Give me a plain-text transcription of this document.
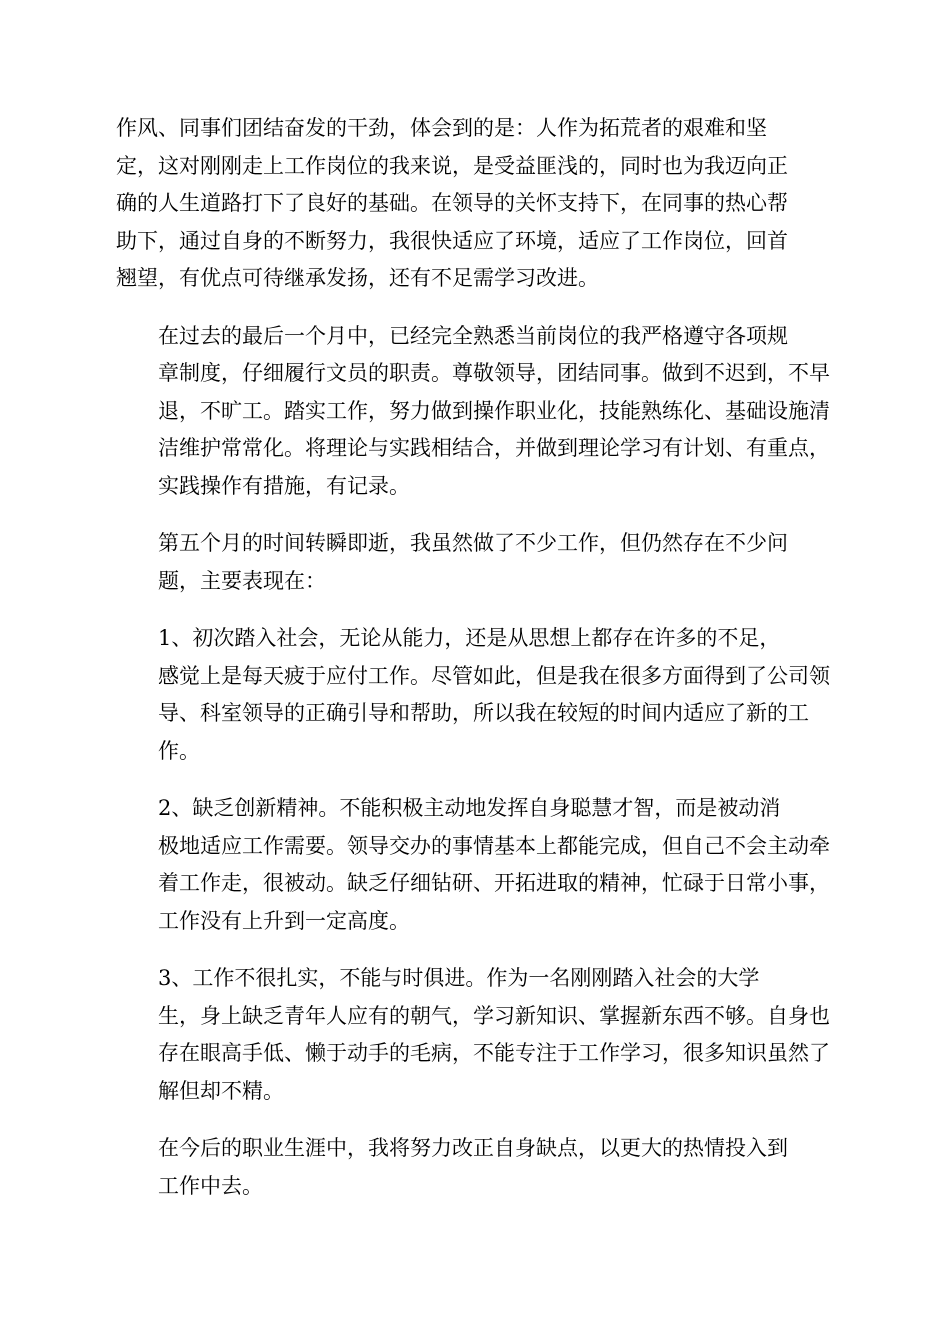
作风、同事们团结奋发的干劲，体会到的是：人作为拓荒者的艰难和坚
定，这对刚刚走上工作岗位的我来说，是受益匪浅的，同时也为我迈向正
确的人生道路打下了良好的基础。在领导的关怀支持下，在同事的热心帮
助下，通过自身的不断努力，我很快适应了环境，适应了工作岗位，回首
翘望，有优点可待继承发扬，还有不足需学习改进。

在过去的最后一个月中，已经完全熟悉当前岗位的我严格遵守各项规
章制度，仔细履行文员的职责。尊敬领导，团结同事。做到不迟到，不早
退，不旷工。踏实工作，努力做到操作职业化，技能熟练化、基础设施清
洁维护常常化。将理论与实践相结合，并做到理论学习有计划、有重点，
实践操作有措施，有记录。

第五个月的时间转瞬即逝，我虽然做了不少工作，但仍然存在不少问
题，主要表现在：

1、初次踏入社会，无论从能力，还是从思想上都存在许多的不足，
感觉上是每天疲于应付工作。尽管如此，但是我在很多方面得到了公司领
导、科室领导的正确引导和帮助，所以我在较短的时间内适应了新的工
作。

2、缺乏创新精神。不能积极主动地发挥自身聪慧才智，而是被动消
极地适应工作需要。领导交办的事情基本上都能完成，但自己不会主动牵
着工作走，很被动。缺乏仔细钻研、开拓进取的精神，忙碌于日常小事，
工作没有上升到一定高度。

3、工作不很扎实，不能与时俱进。作为一名刚刚踏入社会的大学
生，身上缺乏青年人应有的朝气，学习新知识、掌握新东西不够。自身也
存在眼高手低、懒于动手的毛病，不能专注于工作学习，很多知识虽然了
解但却不精。

在今后的职业生涯中，我将努力改正自身缺点，以更大的热情投入到
工作中去。
